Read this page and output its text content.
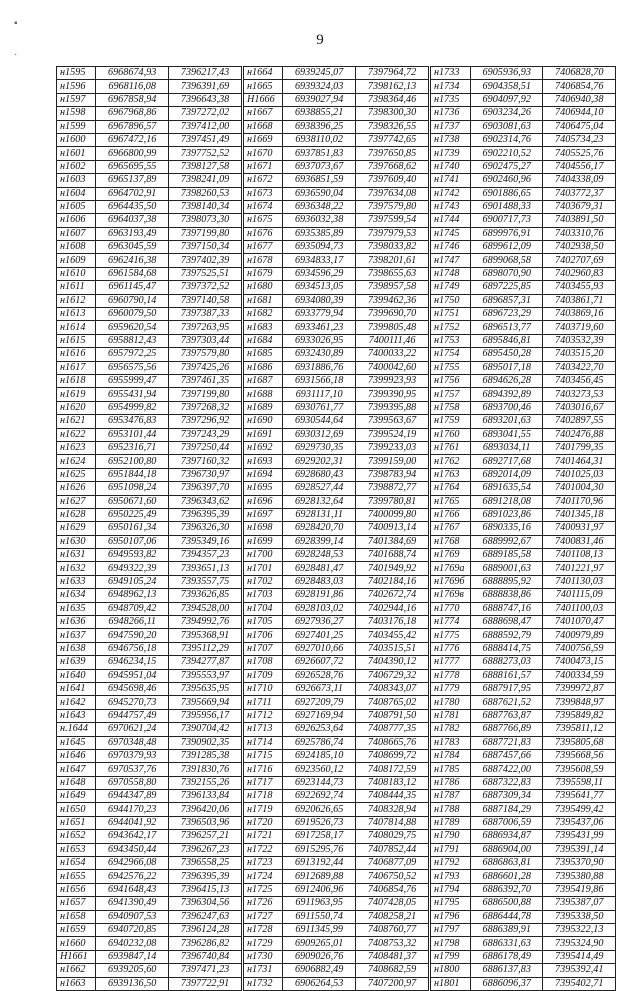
▪
·
9
н1595	6968674,93	7396217,43
н1596	6968116,08	7396391,69
н1597	6967858,94	7396643,38
н1598	6967968,86	7397272,02
н1599	6967896,57	7397412,00
н1600	6967472,16	7397451,49
н1601	6966800,99	7397752,52
н1602	6965695,55	7398127,58
н1603	6965137,89	7398241,09
н1604	6964702,91	7398260,53
н1605	6964435,50	7398140,34
н1606	6964037,38	7398073,30
н1607	6963193,49	7397199,80
н1608	6963045,59	7397150,34
н1609	6962416,38	7397402,39
н1610	6961584,68	7397525,51
н1611	6961145,47	7397372,52
н1612	6960790,14	7397140,58
н1613	6960079,50	7397387,33
н1614	6959620,54	7397263,95
н1615	6958812,43	7397303,44
н1616	6957972,25	7397579,80
н1617	6956575,56	7397425,26
н1618	6955999,47	7397461,35
н1619	6955431,94	7397199,80
н1620	6954999,82	7397268,32
н1621	6953476,83	7397296,92
н1622	6953101,44	7397243,29
н1623	6952316,71	7397250,44
н1624	6952100,80	7397160,32
н1625	6951844,18	7396730,97
н1626	6951098,24	7396397,70
н1627	6950671,60	7396343,62
н1628	6950225,49	7396395,39
н1629	6950161,34	7396326,30
н1630	6950107,06	7395349,16
н1631	6949593,82	7394357,23
н1632	6949322,39	7393651,13
н1633	6949105,24	7393557,75
н1634	6948962,13	7393626,85
н1635	6948709,42	7394528,00
н1636	6948266,11	7394992,76
н1637	6947590,20	7395368,91
н1638	6946756,18	7395112,29
н1639	6946234,15	7394277,87
н1640	6945951,04	7395553,97
н1641	6945698,46	7395635,95
н1642	6945270,73	7395669,94
н1643	6944757,49	7395956,17
н.1644	6970621,24	7390704,42
н1645	6970348,48	7390902,35
н1646	6970379,93	7391285,38
н1647	6970537,76	7391830,76
н1648	6970558,80	7392155,26
н1649	6944347,89	7396133,84
н1650	6944170,23	7396420,06
н1651	6944041,92	7396503,96
н1652	6943642,17	7396257,21
н1653	6943450,44	7396267,23
н1654	6942966,08	7396558,25
н1655	6942576,22	7396395,39
н1656	6941648,43	7396415,13
н1657	6941390,49	7396304,56
н1658	6940907,53	7396247,63
н1659	6940720,85	7396124,28
н1660	6940232,08	7396286,82
Н1661	6939847,14	7396740,84
н1662	6939205,60	7397471,23
н1663	6939136,50	7397722,91
н1664	6939245,07	7397964,72
н1665	6939324,03	7398162,13
Н1666	6939027,94	7398364,46
н1667	6938855,21	7398300,30
н1668	6938396,25	7398326,55
н1669	6938110,02	7397742,65
н1670	6937851,83	7397650,85
н1671	6937073,67	7397668,62
н1672	6936851,59	7397609,40
н1673	6936590,04	7397634,08
н1674	6936348,22	7397579,80
н1675	6936032,38	7397599,54
н1676	6935385,89	7397979,53
н1677	6935094,73	7398033,82
н1678	6934833,17	7398201,61
н1679	6934596,29	7398655,63
н1680	6934513,05	7398957,58
н1681	6934080,39	7399462,36
н1682	6933779,94	7399690,70
н1683	6933461,23	7399805,48
н1684	6933026,95	7400111,46
н1685	6932430,89	7400033,22
н1686	6931886,76	7400042,60
н1687	6931566,18	7399923,93
н1688	6931117,10	7399390,95
н1689	6930761,77	7399395,88
н1690	6930544,64	7399563,67
н1691	6930312,69	7399524,19
н1692	6929730,35	7399233,03
н1693	6929202,31	7399159,00
н1694	6928680,43	7398783,94
н1695	6928527,44	7398872,77
н1696	6928132,64	7399780,81
н1697	6928131,11	7400099,80
н1698	6928420,70	7400913,14
н1699	6928399,14	7401384,69
н1700	6928248,53	7401688,74
н1701	6928481,47	7401949,92
н1702	6928483,03	7402184,16
н1703	6928191,86	7402672,74
н1704	6928103,02	7402944,16
н1705	6927936,27	7403176,18
н1706	6927401,25	7403455,42
н1707	6927010,66	7403515,51
н1708	6926607,72	7404390,12
н1709	6926528,76	7406729,32
н1710	6926673,11	7408343,07
н1711	6927209,79	7408765,02
н1712	6927169,94	7408791,50
н1713	6926253,64	7408777,35
н1714	6925786,74	7408665,76
н1715	6924185,10	7408699,72
н1716	6923560,12	7408172,59
н1717	6923144,73	7408183,12
н1718	6922692,74	7408444,35
н1719	6920626,65	7408328,94
н1720	6919526,73	7407814,88
н1721	6917258,17	7408029,75
н1722	6915295,76	7407852,44
н1723	6913192,44	7406877,09
н1724	6912689,88	7406750,52
н1725	6912406,96	7406854,76
н1726	6911963,95	7407428,05
н1727	6911550,74	7408258,21
н1728	6911345,99	7408760,77
н1729	6909265,01	7408753,32
н1730	6909026,76	7408481,37
н1731	6906882,49	7408682,59
н1732	6906264,53	7407200,97
н1733	6905936,93	7406828,70
н1734	6904358,51	7406854,76
н1735	6904097,92	7406940,38
н1736	6903234,26	7406944,10
н1737	6903081,63	7406475,04
н1738	6902314,76	7405734,23
н1739	6902210,52	7405525,76
н1740	6902475,27	7404556,17
н1741	6902460,96	7404338,09
н1742	6901886,65	7403772,37
н1743	6901488,33	7403679,31
н1744	6900717,73	7403891,50
н1745	6899976,91	7403310,76
н1746	6899612,09	7402938,50
н1747	6899068,58	7402707,69
н1748	6898070,90	7402960,83
н1749	6897225,85	7403455,93
н1750	6896857,31	7403861,71
н1751	6896723,29	7403869,16
н1752	6896513,77	7403719,60
н1753	6895846,81	7403532,39
н1754	6895450,28	7403515,20
н1755	6895017,18	7403422,70
н1756	6894626,28	7403456,45
н1757	6894392,89	7403273,53
н1758	6893700,46	7403016,67
н1759	6893201,63	7402897,55
н1760	6893041,55	7402476,88
н1761	6893034,11	7401799,35
н1762	6892717,68	7401464,31
н1763	6892014,09	7401025,03
н1764	6891635,54	7401004,30
н1765	6891218,08	7401170,96
н1766	6891023,86	7401345,18
н1767	6890335,16	7400931,97
н1768	6889992,67	7400831,46
н1769	6889185,58	7401108,13
н1769а	6889001,63	7401221,97
н1769б	6888895,92	7401130,03
н1769в	6888838,86	7401115,09
н1770	6888747,16	7401100,03
н1774	6888698,47	7401070,47
н1775	6888592,79	7400979,89
н1776	6888414,75	7400756,59
н1777	6888273,03	7400473,15
н1778	6888161,57	7400334,59
н1779	6887917,95	7399972,87
н1780	6887621,52	7399848,97
н1781	6887763,87	7395849,82
н1782	6887766,89	7395811,12
н1783	6887721,83	7395805,68
н1784	6887457,66	7395668,56
н1785	6887422,00	7395608,59
н1786	6887322,83	7395598,11
н1787	6887309,34	7395641,77
н1788	6887184,29	7395499,42
н1789	6887006,59	7395437,06
н1790	6886934,87	7395431,99
н1791	6886904,00	7395391,14
н1792	6886863,81	7395370,90
н1793	6886601,28	7395380,88
н1794	6886392,70	7395419,86
н1795	6886500,88	7395387,07
н1796	6886444,78	7395338,50
н1797	6886389,91	7395322,13
н1798	6886331,63	7395324,90
н1799	6886178,49	7395414,49
н1800	6886137,83	7395392,41
н1801	6886096,37	7395402,71
